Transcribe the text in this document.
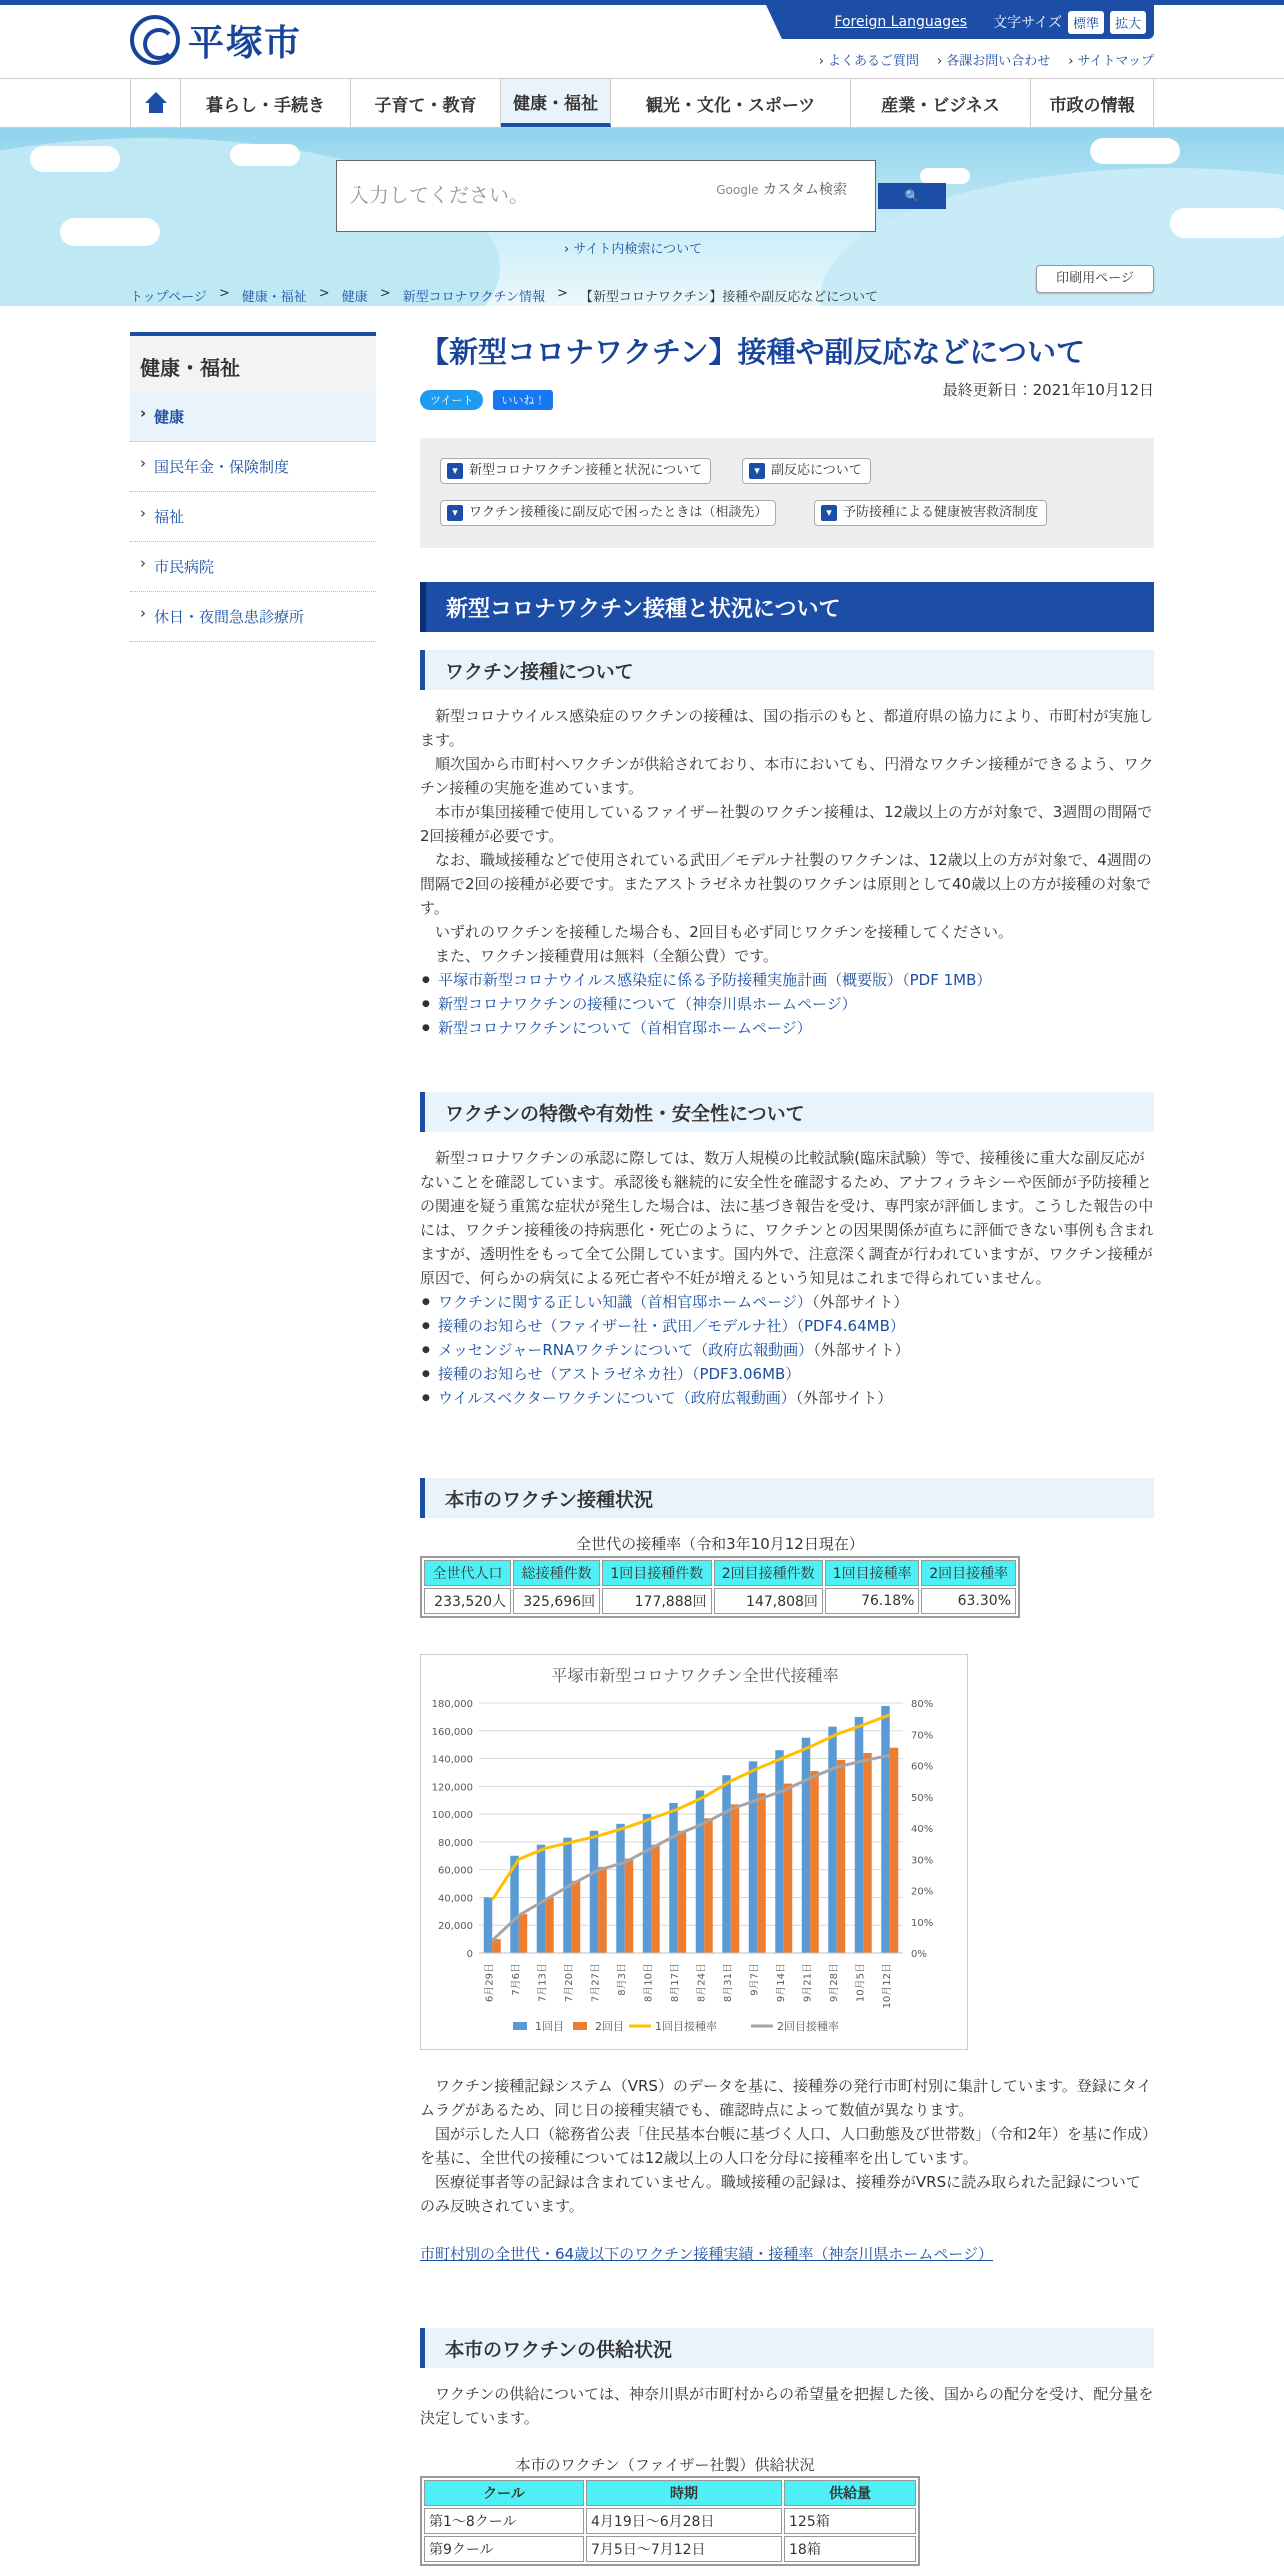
平塚市
Foreign Languages 文字サイズ 標準	拡大
› よくあるご質問	› 各課お問い合わせ	› サイトマップ
暮らし・手続き	子育て・教育	健康・福祉	観光・文化・スポーツ	産業・ビジネス	市政の情報
入力してください。	Google カスタム検索	🔍
› サイト内検索について
トップページ > 健康・福祉 > 健康 > 新型コロナワクチン情報 > 【新型コロナワクチン】接種や副反応などについて
印刷用ページ
健康・福祉
› 健康
› 国民年金・保険制度
› 福祉
› 市民病院
› 休日・夜間急患診療所
【新型コロナワクチン】接種や副反応などについて
ツイート	いいね！
最終更新日：2021年10月12日
▾ 新型コロナワクチン接種と状況について	▾ 副反応について
▾ ワクチン接種後に副反応で困ったときは（相談先）	▾ 予防接種による健康被害救済制度
新型コロナワクチン接種と状況について
ワクチン接種について

新型コロナウイルス感染症のワクチンの接種は、国の指示のもと、都道府県の協力により、市町村が実施します。

順次国から市町村へワクチンが供給されており、本市においても、円滑なワクチン接種ができるよう、ワクチン接種の実施を進めています。

本市が集団接種で使用しているファイザー社製のワクチン接種は、12歳以上の方が対象で、3週間の間隔で2回接種が必要です。

なお、職域接種などで使用されている武田／モデルナ社製のワクチンは、12歳以上の方が対象で、4週間の間隔で2回の接種が必要です。またアストラゼネカ社製のワクチンは原則として40歳以上の方が接種の対象です。

いずれのワクチンを接種した場合も、2回目も必ず同じワクチンを接種してください。

また、ワクチン接種費用は無料（全額公費）です。

● 平塚市新型コロナウイルス感染症に係る予防接種実施計画（概要版）（PDF 1MB）
● 新型コロナワクチンの接種について（神奈川県ホームページ）
● 新型コロナワクチンについて（首相官邸ホームページ）
ワクチンの特徴や有効性・安全性について

新型コロナワクチンの承認に際しては、数万人規模の比較試験(臨床試験）等で、接種後に重大な副反応がないことを確認しています。承認後も継続的に安全性を確認するため、アナフィラキシーや医師が予防接種との関連を疑う重篤な症状が発生した場合は、法に基づき報告を受け、専門家が評価します。こうした報告の中には、ワクチン接種後の持病悪化・死亡のように、ワクチンとの因果関係が直ちに評価できない事例も含まれますが、透明性をもって全て公開しています。国内外で、注意深く調査が行われていますが、ワクチン接種が原因で、何らかの病気による死亡者や不妊が増えるという知見はこれまで得られていません。

● ワクチンに関する正しい知識（首相官邸ホームページ）（外部サイト）
● 接種のお知らせ（ファイザー社・武田／モデルナ社）（PDF4.64MB）
● メッセンジャーRNAワクチンについて（政府広報動画）（外部サイト）
● 接種のお知らせ（アストラゼネカ社）（PDF3.06MB）
● ウイルスベクターワクチンについて（政府広報動画）（外部サイト）
本市のワクチン接種状況
全世代の接種率（令和3年10月12日現在）
全世代人口	総接種件数	1回目接種件数	2回目接種件数	1回目接種率	2回目接種率
233,520人	325,696回	177,888回	147,808回	76.18%	63.30%
平塚市新型コロナワクチン全世代接種率
0
20,000
40,000
60,000
80,000
100,000
120,000
140,000
160,000
180,000
0%
10%
20%
30%
40%
50%
60%
70%
80%
6月29日 7月6日 7月13日 7月20日 7月27日 8月3日 8月10日 8月17日 8月24日 8月31日 9月7日 9月14日 9月21日 9月28日 10月5日 10月12日
1回目	2回目	1回目接種率	2回目接種率

ワクチン接種記録システム（VRS）のデータを基に、接種券の発行市町村別に集計しています。登録にタイムラグがあるため、同じ日の接種実績でも、確認時点によって数値が異なります。

国が示した人口（総務省公表「住民基本台帳に基づく人口、人口動態及び世帯数」（令和2年）を基に作成）を基に、全世代の接種については12歳以上の人口を分母に接種率を出しています。

医療従事者等の記録は含まれていません。職域接種の記録は、接種券がVRSに読み取られた記録についてのみ反映されています。

市町村別の全世代・64歳以下のワクチン接種実績・接種率（神奈川県ホームページ）
本市のワクチンの供給状況

ワクチンの供給については、神奈川県が市町村からの希望量を把握した後、国からの配分を受け、配分量を決定しています。

本市のワクチン（ファイザー社製）供給状況
クール	時期	供給量
第1～8クール	4月19日～6月28日	125箱
第9クール	7月5日～7月12日	18箱
